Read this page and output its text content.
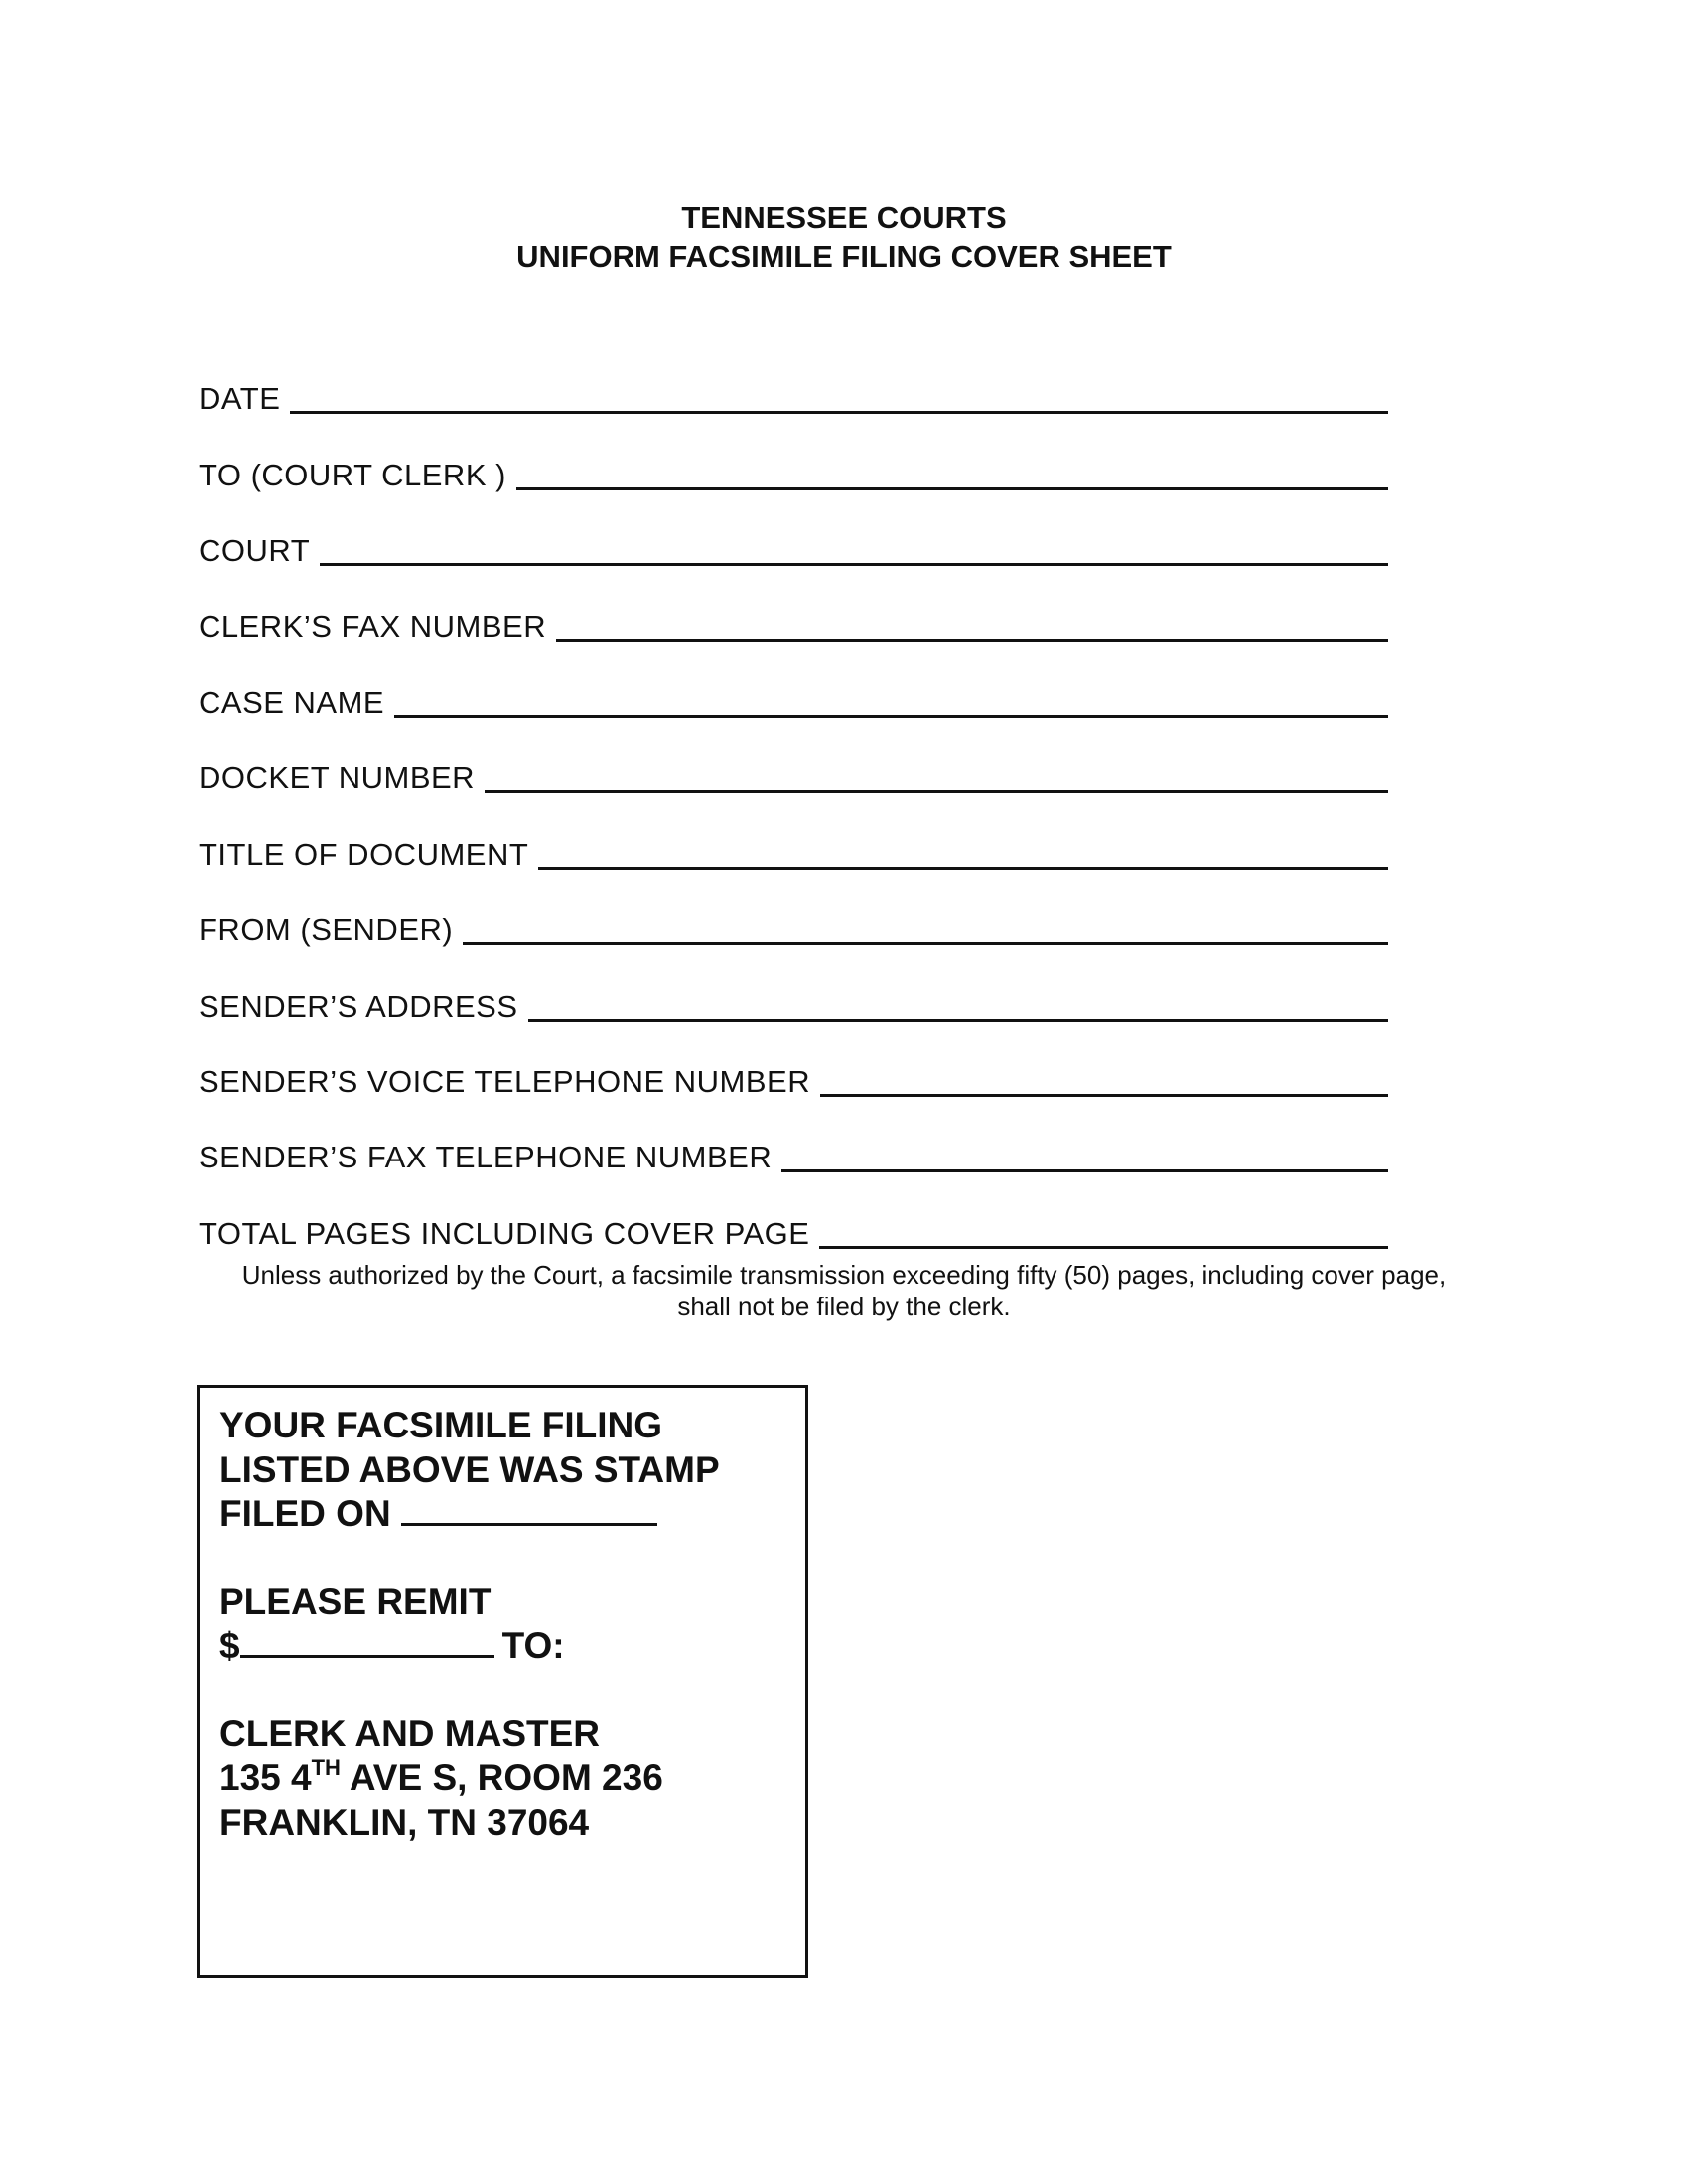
TENNESSEE COURTS
UNIFORM FACSIMILE FILING COVER SHEET
DATE
TO (COURT CLERK )
COURT
CLERK’S FAX NUMBER
CASE NAME
DOCKET NUMBER
TITLE OF DOCUMENT
FROM (SENDER)
SENDER’S ADDRESS
SENDER’S VOICE TELEPHONE NUMBER
SENDER’S FAX TELEPHONE NUMBER
TOTAL PAGES INCLUDING COVER PAGE
Unless authorized by the Court, a facsimile transmission exceeding fifty (50) pages, including cover page,
shall not be filed by the clerk.

YOUR FACSIMILE FILING

LISTED ABOVE WAS STAMP

FILED ON

PLEASE REMIT

$	TO:

CLERK AND MASTER

135 4TH AVE S, ROOM 236

FRANKLIN, TN 37064
